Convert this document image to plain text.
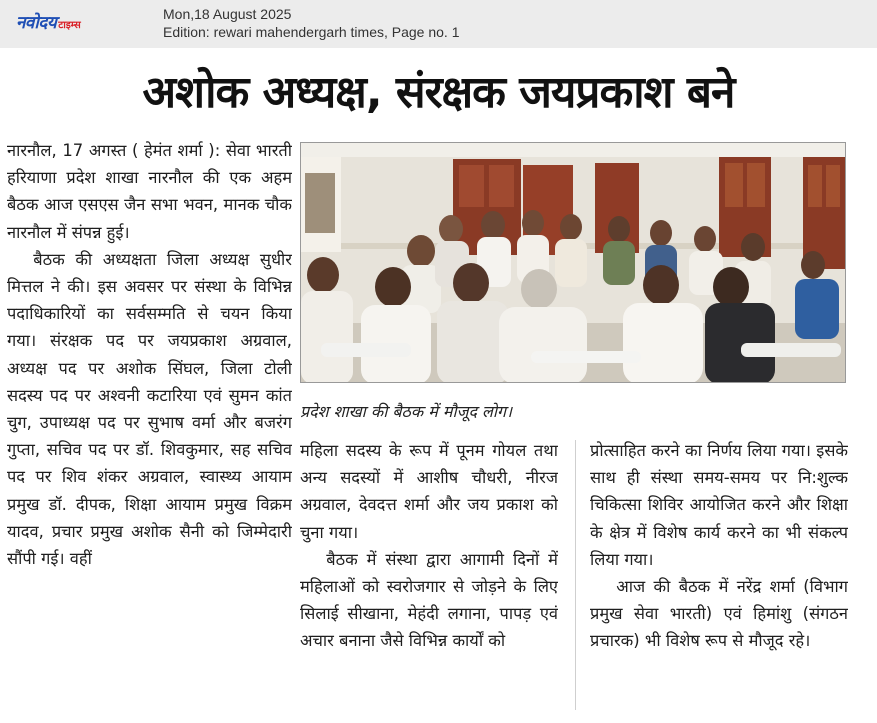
नवोदय टाइम्स
Mon,18 August 2025
Edition: rewari mahendergarh times, Page no. 1
अशोक अध्यक्ष, संरक्षक जयप्रकाश बने

नारनौल, 17 अगस्त ( हेमंत शर्मा ): सेवा भारती हरियाणा प्रदेश शाखा नारनौल की एक अहम बैठक आज एसएस जैन सभा भवन, मानक चौक नारनौल में संपन्न हुई।

बैठक की अध्यक्षता जिला अध्यक्ष सुधीर मित्तल ने की। इस अवसर पर संस्था के विभिन्न पदाधिकारियों का सर्वसम्मति से चयन किया गया। संरक्षक पद पर जयप्रकाश अग्रवाल, अध्यक्ष पद पर अशोक सिंघल, जिला टोली सदस्य पद पर अश्वनी कटारिया एवं सुमन कांत चुग, उपाध्यक्ष पद पर सुभाष वर्मा और बजरंग गुप्ता, सचिव पद पर डॉ. शिवकुमार, सह सचिव पद पर शिव शंकर अग्रवाल, स्वास्थ्य आयाम प्रमुख डॉ. दीपक, शिक्षा आयाम प्रमुख विक्रम यादव, प्रचार प्रमुख अशोक सैनी को जिम्मेदारी सौंपी गई। वहीं

प्रदेश शाखा की बैठक में मौजूद लोग।

महिला सदस्य के रूप में पूनम गोयल तथा अन्य सदस्यों में आशीष चौधरी, नीरज अग्रवाल, देवदत्त शर्मा और जय प्रकाश को चुना गया।

बैठक में संस्था द्वारा आगामी दिनों में महिलाओं को स्वरोजगार से जोड़ने के लिए सिलाई सीखाना, मेहंदी लगाना, पापड़ एवं अचार बनाना जैसे विभिन्न कार्यों को

प्रोत्साहित करने का निर्णय लिया गया। इसके साथ ही संस्था समय-समय पर नि:शुल्क चिकित्सा शिविर आयोजित करने और शिक्षा के क्षेत्र में विशेष कार्य करने का भी संकल्प लिया गया।

आज की बैठक में नरेंद्र शर्मा (विभाग प्रमुख सेवा भारती) एवं हिमांशु (संगठन प्रचारक) भी विशेष रूप से मौजूद रहे।
